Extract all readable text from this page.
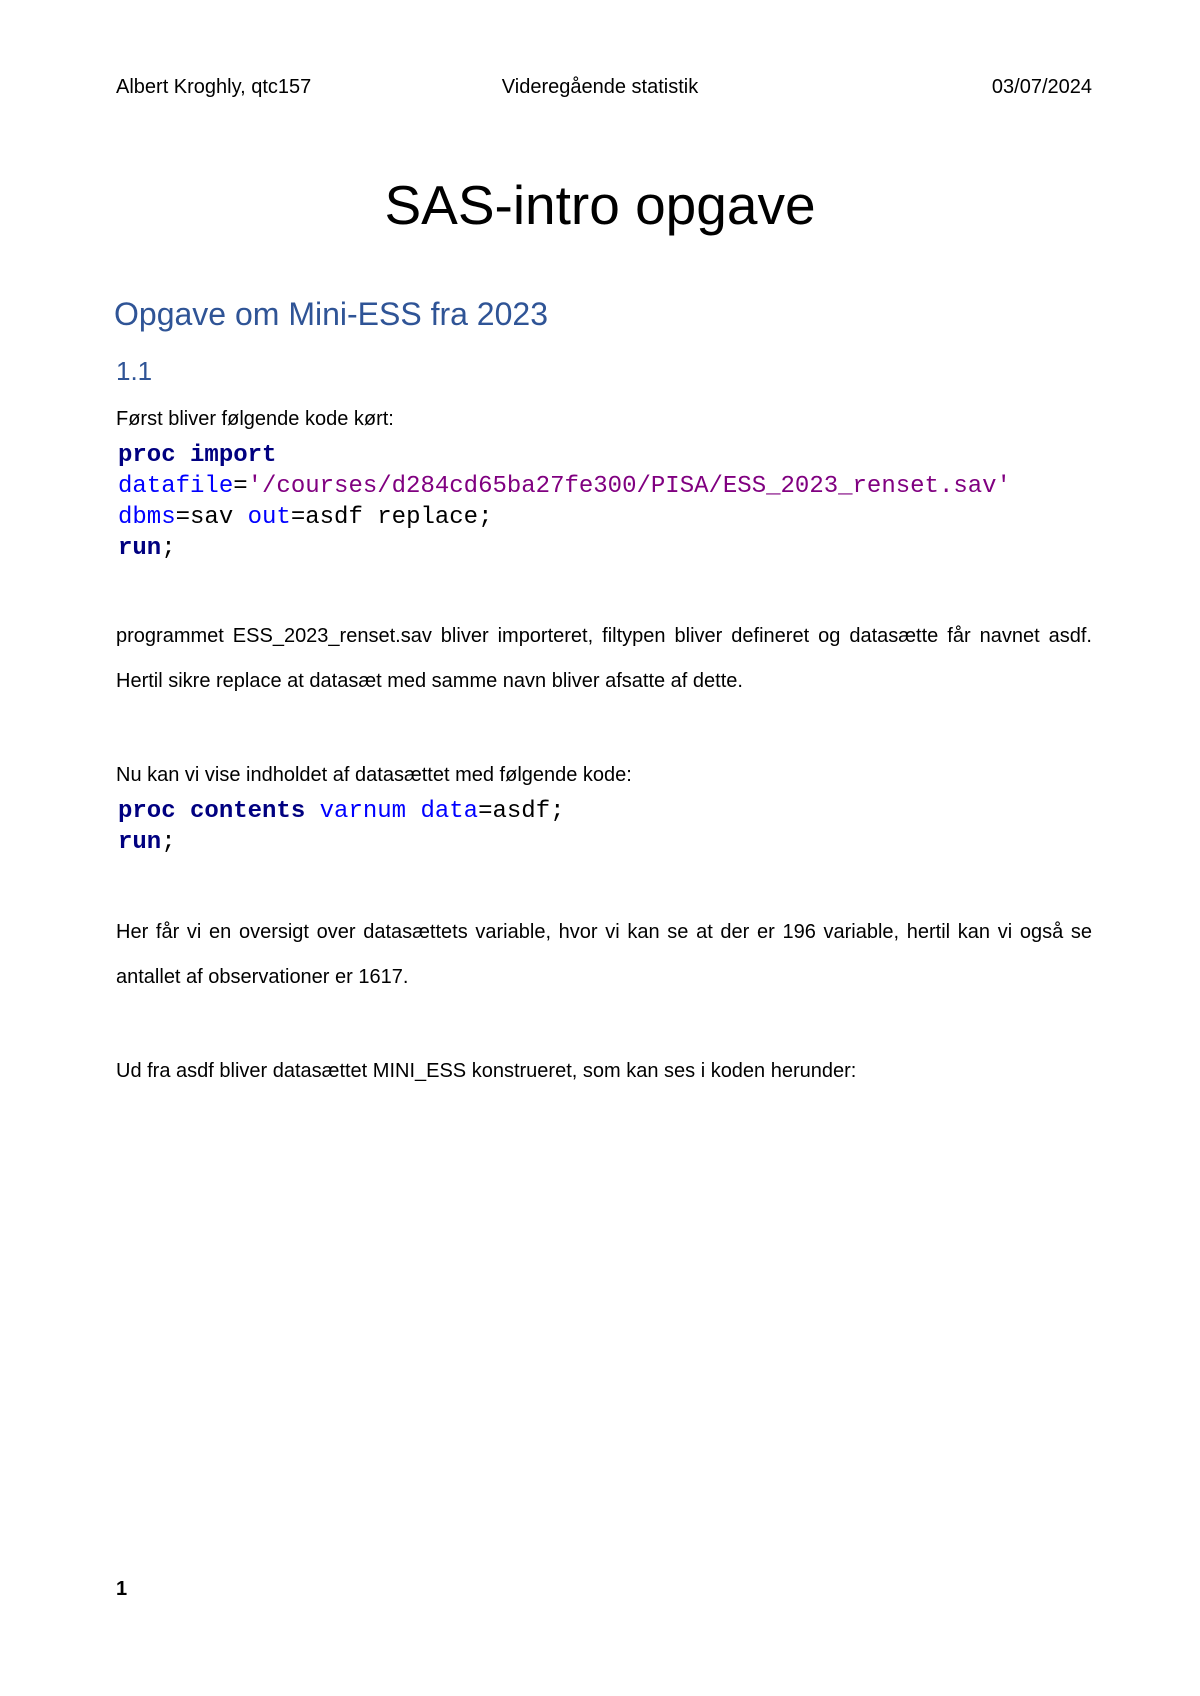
Albert Kroghly, qtc157	Videregående statistik	03/07/2024
SAS-intro opgave
Opgave om Mini-ESS fra 2023
1.1

Først bliver følgende kode kørt:

proc import
datafile='/courses/d284cd65ba27fe300/PISA/ESS_2023_renset.sav'
dbms=sav out=asdf replace;
run;

programmet ESS_2023_renset.sav bliver importeret, filtypen bliver defineret og datasætte får navnet asdf. Hertil sikre replace at datasæt med samme navn bliver afsatte af dette.

Nu kan vi vise indholdet af datasættet med følgende kode:

proc contents varnum data=asdf;
run;

Her får vi en oversigt over datasættets variable, hvor vi kan se at der er 196 variable, hertil kan vi også se antallet af observationer er 1617.

Ud fra asdf bliver datasættet MINI_ESS konstrueret, som kan ses i koden herunder:

1
